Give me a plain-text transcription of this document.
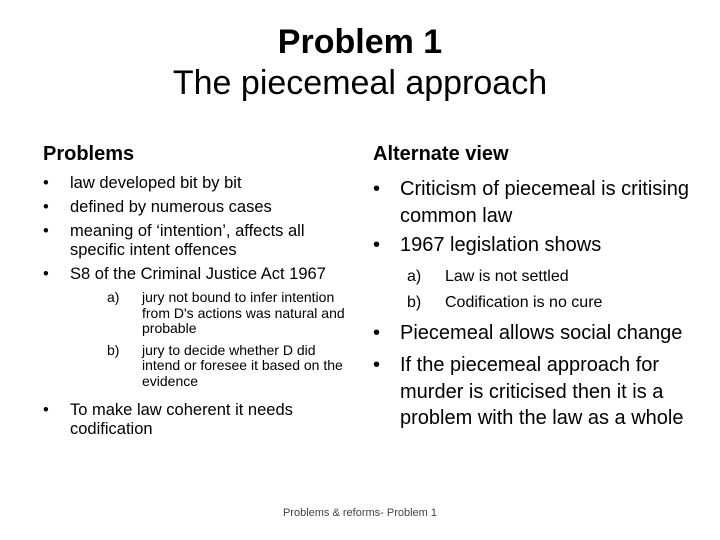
Problem 1
The piecemeal approach
Problems	Alternate view
• law developed bit by bit
• defined by numerous cases
• meaning of ‘intention’, affects all specific intent offences
• S8 of the Criminal Justice Act 1967
a) jury not bound to infer intention from D's actions was natural and probable
b) jury to decide whether D did intend or foresee it based on the evidence
• To make law coherent it needs codification
• Criticism of piecemeal is critising common law
• 1967 legislation shows
a) Law is not settled
b) Codification is no cure
• Piecemeal allows social change
• If the piecemeal approach for murder is criticised then it is a problem with the law as a whole
Problems & reforms- Problem 1
